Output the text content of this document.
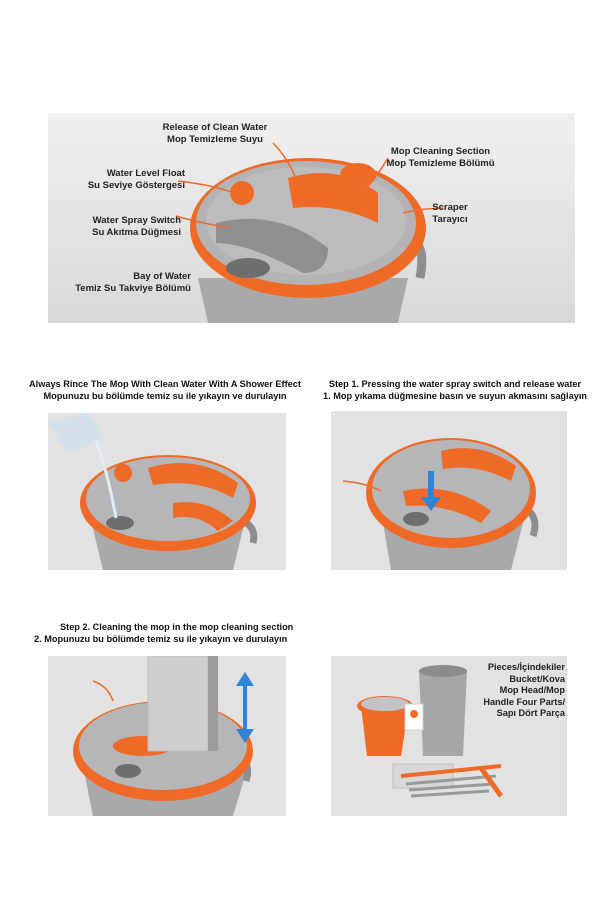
Release of Clean Water
Mop Temizleme Suyu
Water Level Float
Su Seviye Göstergesi
Water Spray Switch
Su Akıtma Düğmesi
Bay of Water
Temiz Su Takviye Bölümü
Mop Cleaning Section
Mop Temizleme Bölümü
Scraper
Tarayıcı
Always Rince The Mop With Clean Water With A Shower Effect
Mopunuzu bu bölümde temiz su ile yıkayın ve durulayın
Step 1. Pressing the water spray switch and release water
1. Mop yıkama düğmesine basın ve suyun akmasını sağlayın
Step 2. Cleaning the mop in the mop cleaning section
2. Mopunuzu bu bölümde temiz su ile yıkayın ve durulayın
Pieces/İçindekiler
Bucket/Kova
Mop Head/Mop
Handle Four Parts/
Sapı Dört Parça
